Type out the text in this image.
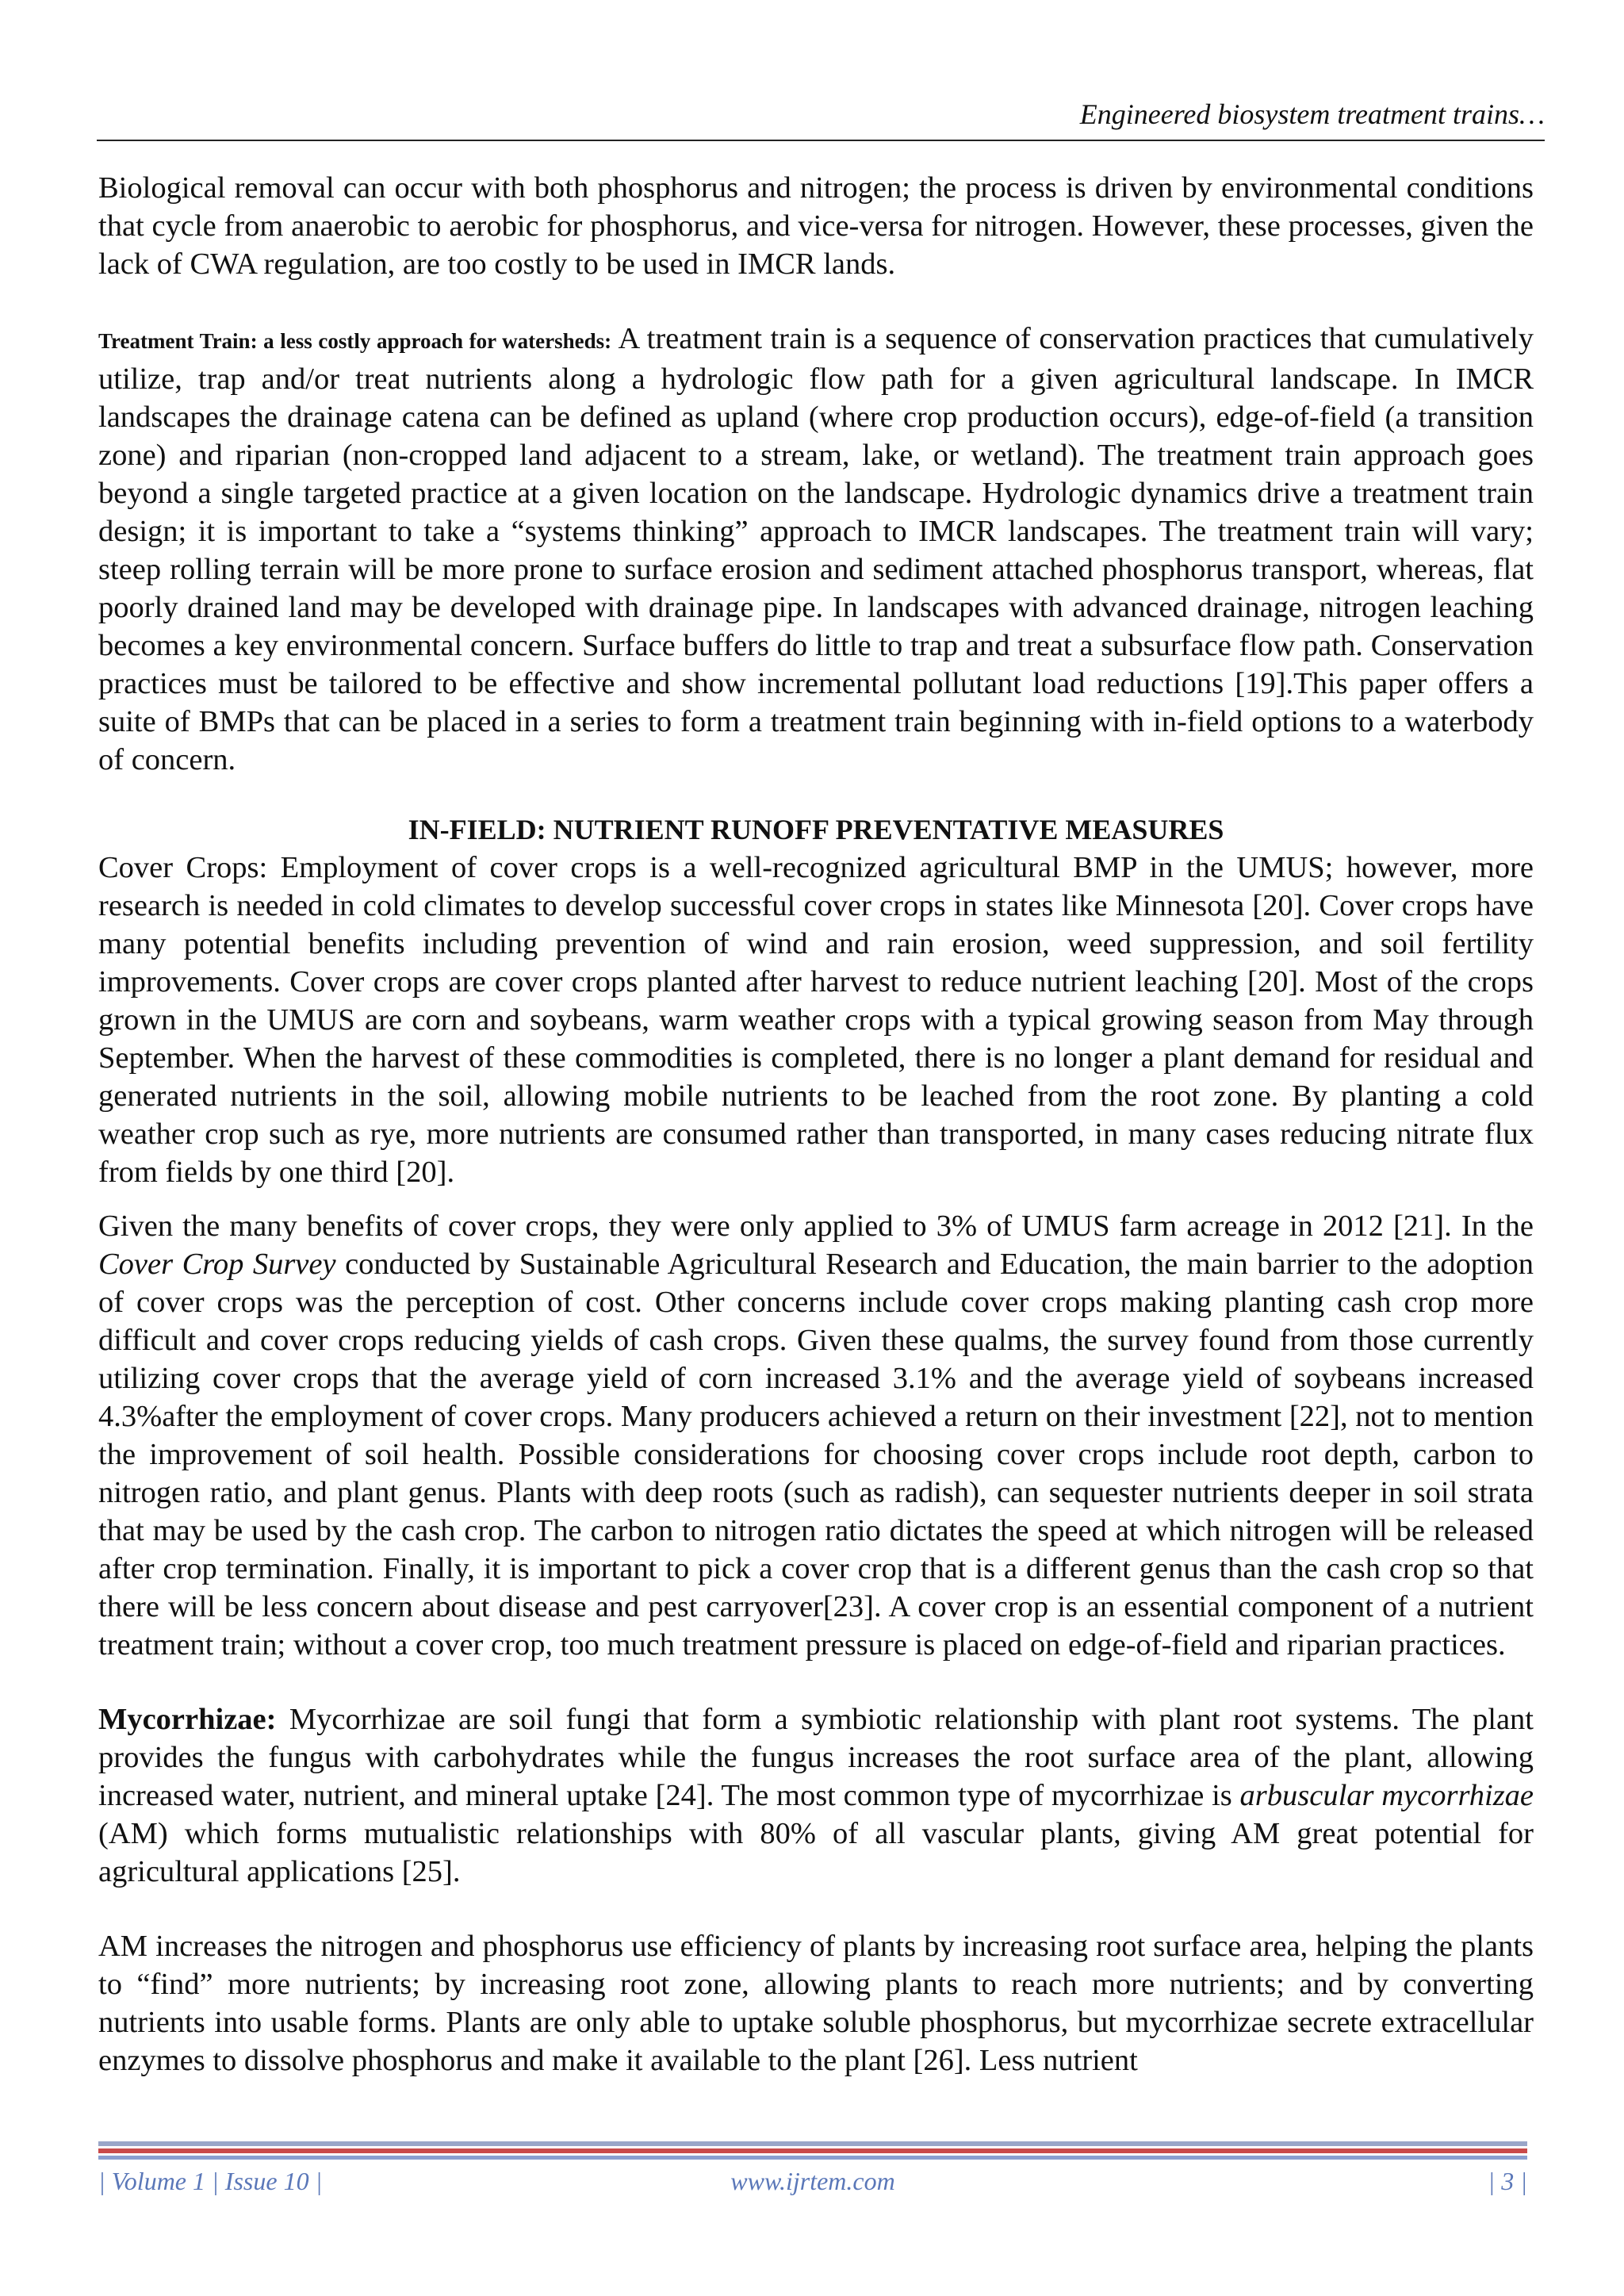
Engineered biosystem treatment trains…

Biological removal can occur with both phosphorus and nitrogen; the process is driven by environmental conditions that cycle from anaerobic to aerobic for phosphorus, and vice-versa for nitrogen. However, these processes, given the lack of CWA regulation, are too costly to be used in IMCR lands.

Treatment Train: a less costly approach for watersheds: A treatment train is a sequence of conservation practices that cumulatively utilize, trap and/or treat nutrients along a hydrologic flow path for a given agricultural landscape. In IMCR landscapes the drainage catena can be defined as upland (where crop production occurs), edge-of-field (a transition zone) and riparian (non-cropped land adjacent to a stream, lake, or wetland). The treatment train approach goes beyond a single targeted practice at a given location on the landscape. Hydrologic dynamics drive a treatment train design; it is important to take a “systems thinking” approach to IMCR landscapes. The treatment train will vary; steep rolling terrain will be more prone to surface erosion and sediment attached phosphorus transport, whereas, flat poorly drained land may be developed with drainage pipe. In landscapes with advanced drainage, nitrogen leaching becomes a key environmental concern. Surface buffers do little to trap and treat a subsurface flow path. Conservation practices must be tailored to be effective and show incremental pollutant load reductions [19].This paper offers a suite of BMPs that can be placed in a series to form a treatment train beginning with in-field options to a waterbody of concern.

IN-FIELD: NUTRIENT RUNOFF PREVENTATIVE MEASURES

Cover Crops: Employment of cover crops is a well-recognized agricultural BMP in the UMUS; however, more research is needed in cold climates to develop successful cover crops in states like Minnesota [20]. Cover crops have many potential benefits including prevention of wind and rain erosion, weed suppression, and soil fertility improvements. Cover crops are cover crops planted after harvest to reduce nutrient leaching [20]. Most of the crops grown in the UMUS are corn and soybeans, warm weather crops with a typical growing season from May through September. When the harvest of these commodities is completed, there is no longer a plant demand for residual and generated nutrients in the soil, allowing mobile nutrients to be leached from the root zone. By planting a cold weather crop such as rye, more nutrients are consumed rather than transported, in many cases reducing nitrate flux from fields by one third [20].

Given the many benefits of cover crops, they were only applied to 3% of UMUS farm acreage in 2012 [21]. In the Cover Crop Survey conducted by Sustainable Agricultural Research and Education, the main barrier to the adoption of cover crops was the perception of cost. Other concerns include cover crops making planting cash crop more difficult and cover crops reducing yields of cash crops. Given these qualms, the survey found from those currently utilizing cover crops that the average yield of corn increased 3.1% and the average yield of soybeans increased 4.3%after the employment of cover crops. Many producers achieved a return on their investment [22], not to mention the improvement of soil health. Possible considerations for choosing cover crops include root depth, carbon to nitrogen ratio, and plant genus. Plants with deep roots (such as radish), can sequester nutrients deeper in soil strata that may be used by the cash crop. The carbon to nitrogen ratio dictates the speed at which nitrogen will be released after crop termination. Finally, it is important to pick a cover crop that is a different genus than the cash crop so that there will be less concern about disease and pest carryover[23]. A cover crop is an essential component of a nutrient treatment train; without a cover crop, too much treatment pressure is placed on edge-of-field and riparian practices.

Mycorrhizae: Mycorrhizae are soil fungi that form a symbiotic relationship with plant root systems. The plant provides the fungus with carbohydrates while the fungus increases the root surface area of the plant, allowing increased water, nutrient, and mineral uptake [24]. The most common type of mycorrhizae is arbuscular mycorrhizae (AM) which forms mutualistic relationships with 80% of all vascular plants, giving AM great potential for agricultural applications [25].

AM increases the nitrogen and phosphorus use efficiency of plants by increasing root surface area, helping the plants to “find” more nutrients; by increasing root zone, allowing plants to reach more nutrients; and by converting nutrients into usable forms. Plants are only able to uptake soluble phosphorus, but mycorrhizae secrete extracellular enzymes to dissolve phosphorus and make it available to the plant [26]. Less nutrient

| Volume 1 | Issue 10 |	www.ijrtem.com	| 3 |
